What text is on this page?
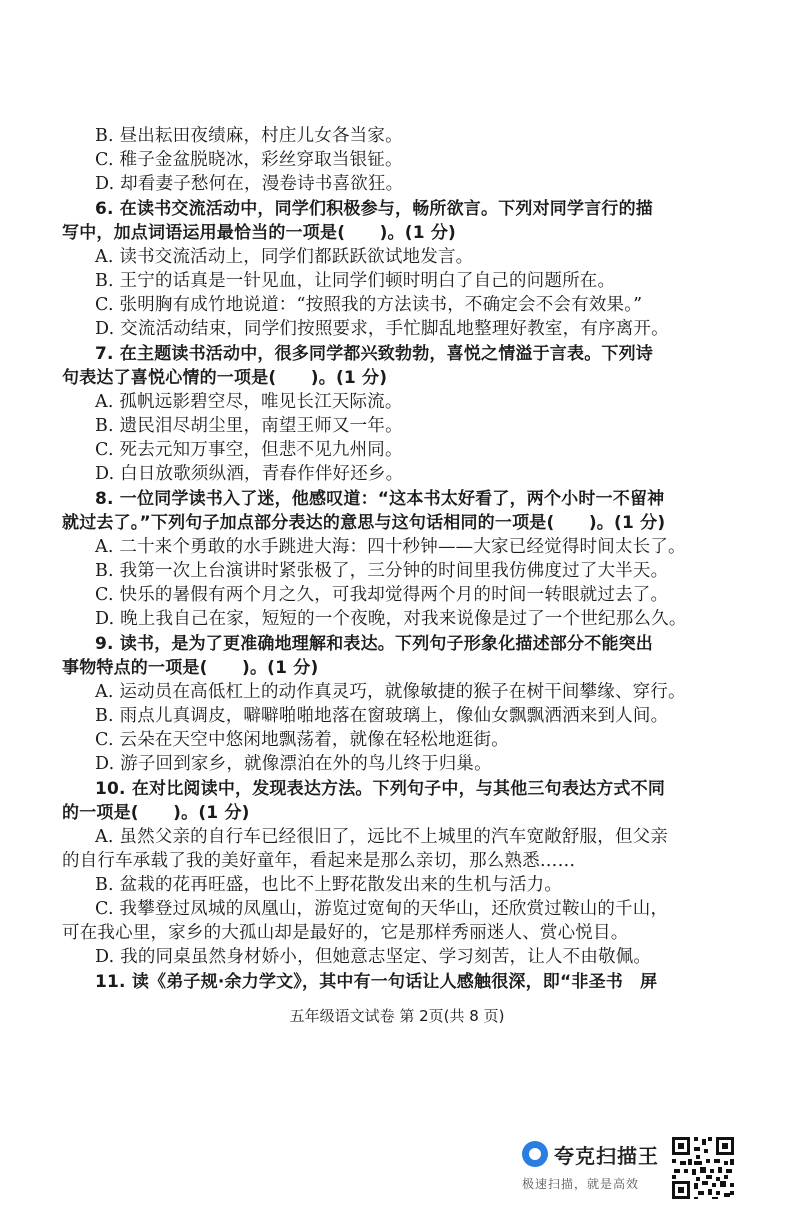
B. 昼出耘田夜绩麻，村庄儿女各当家。
C. 稚子金盆脱晓冰，彩丝穿取当银钲。
D. 却看妻子愁何在，漫卷诗书喜欲狂。
6. 在读书交流活动中，同学们积极参与，畅所欲言。下列对同学言行的描
写中，加点词语运用最恰当的一项是(　　)。(1 分)
A. 读书交流活动上，同学们都跃跃欲试地发言。
B. 王宁的话真是一针见血，让同学们顿时明白了自己的问题所在。
C. 张明胸有成竹地说道：“按照我的方法读书，不确定会不会有效果。”
D. 交流活动结束，同学们按照要求，手忙脚乱地整理好教室，有序离开。
7. 在主题读书活动中，很多同学都兴致勃勃，喜悦之情溢于言表。下列诗
句表达了喜悦心情的一项是(　　)。(1 分)
A. 孤帆远影碧空尽，唯见长江天际流。
B. 遗民泪尽胡尘里，南望王师又一年。
C. 死去元知万事空，但悲不见九州同。
D. 白日放歌须纵酒，青春作伴好还乡。
8. 一位同学读书入了迷，他感叹道：“这本书太好看了，两个小时一不留神
就过去了。”下列句子加点部分表达的意思与这句话相同的一项是(　　)。(1 分)
A. 二十来个勇敢的水手跳进大海：四十秒钟——大家已经觉得时间太长了。
B. 我第一次上台演讲时紧张极了，三分钟的时间里我仿佛度过了大半天。
C. 快乐的暑假有两个月之久，可我却觉得两个月的时间一转眼就过去了。
D. 晚上我自己在家，短短的一个夜晚，对我来说像是过了一个世纪那么久。
9. 读书，是为了更准确地理解和表达。下列句子形象化描述部分不能突出
事物特点的一项是(　　)。(1 分)
A. 运动员在高低杠上的动作真灵巧，就像敏捷的猴子在树干间攀缘、穿行。
B. 雨点儿真调皮，噼噼啪啪地落在窗玻璃上，像仙女飘飘洒洒来到人间。
C. 云朵在天空中悠闲地飘荡着，就像在轻松地逛街。
D. 游子回到家乡，就像漂泊在外的鸟儿终于归巢。
10. 在对比阅读中，发现表达方法。下列句子中，与其他三句表达方式不同
的一项是(　　)。(1 分)
A. 虽然父亲的自行车已经很旧了，远比不上城里的汽车宽敞舒服，但父亲
的自行车承载了我的美好童年，看起来是那么亲切，那么熟悉……
B. 盆栽的花再旺盛，也比不上野花散发出来的生机与活力。
C. 我攀登过凤城的凤凰山，游览过宽甸的天华山，还欣赏过鞍山的千山，
可在我心里，家乡的大孤山却是最好的，它是那样秀丽迷人、赏心悦目。
D. 我的同桌虽然身材娇小，但她意志坚定、学习刻苦，让人不由敬佩。
11. 读《弟子规·余力学文》，其中有一句话让人感触很深，即“非圣书　屏
五年级语文试卷 第 2页(共 8 页)
夸克扫描王
极速扫描，就是高效
